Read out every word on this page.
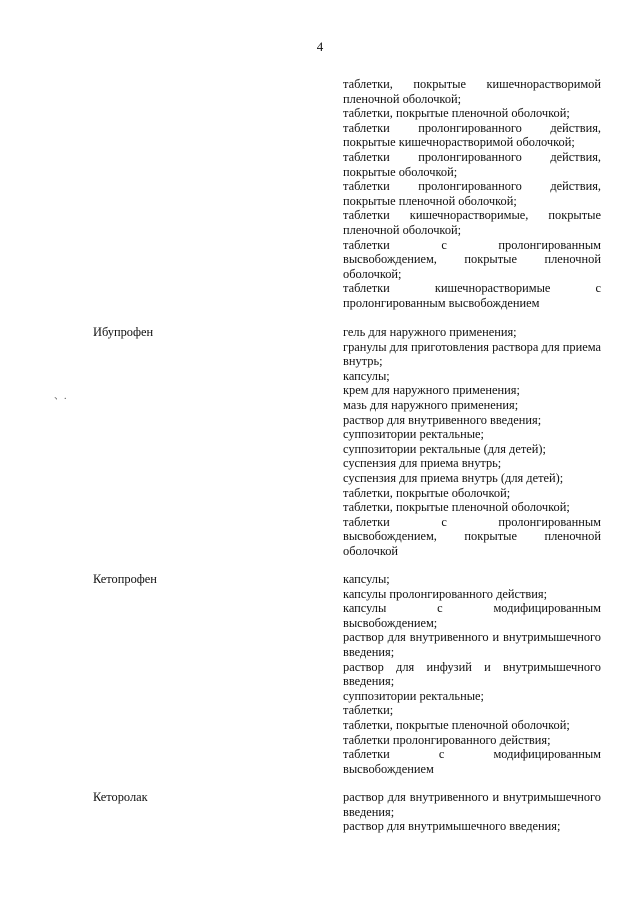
4
、.
таблетки, покрытые кишечнорастворимой пленочной оболочкой;
таблетки, покрытые пленочной оболочкой;
таблетки пролонгированного действия, покрытые кишечнорастворимой оболочкой;
таблетки пролонгированного действия, покрытые оболочкой;
таблетки пролонгированного действия, покрытые пленочной оболочкой;
таблетки кишечнорастворимые, покрытые пленочной оболочкой;
таблетки с пролонгированным высвобождением, покрытые пленочной оболочкой;
таблетки кишечнорастворимые с пролонгированным высвобождением
Ибупрофен	гель для наружного применения;
гранулы для приготовления раствора для приема внутрь;
капсулы;
крем для наружного применения;
мазь для наружного применения;
раствор для внутривенного введения;
суппозитории ректальные;
суппозитории ректальные (для детей);
суспензия для приема внутрь;
суспензия для приема внутрь (для детей);
таблетки, покрытые оболочкой;
таблетки, покрытые пленочной оболочкой;
таблетки с пролонгированным высвобождением, покрытые пленочной оболочкой
Кетопрофен	капсулы;
капсулы пролонгированного действия;
капсулы с модифицированным высвобождением;
раствор для внутривенного и внутримышечного введения;
раствор для инфузий и внутримышечного введения;
суппозитории ректальные;
таблетки;
таблетки, покрытые пленочной оболочкой;
таблетки пролонгированного действия;
таблетки с модифицированным высвобождением
Кеторолак	раствор для внутривенного и внутримышечного введения;
раствор для внутримышечного введения;
